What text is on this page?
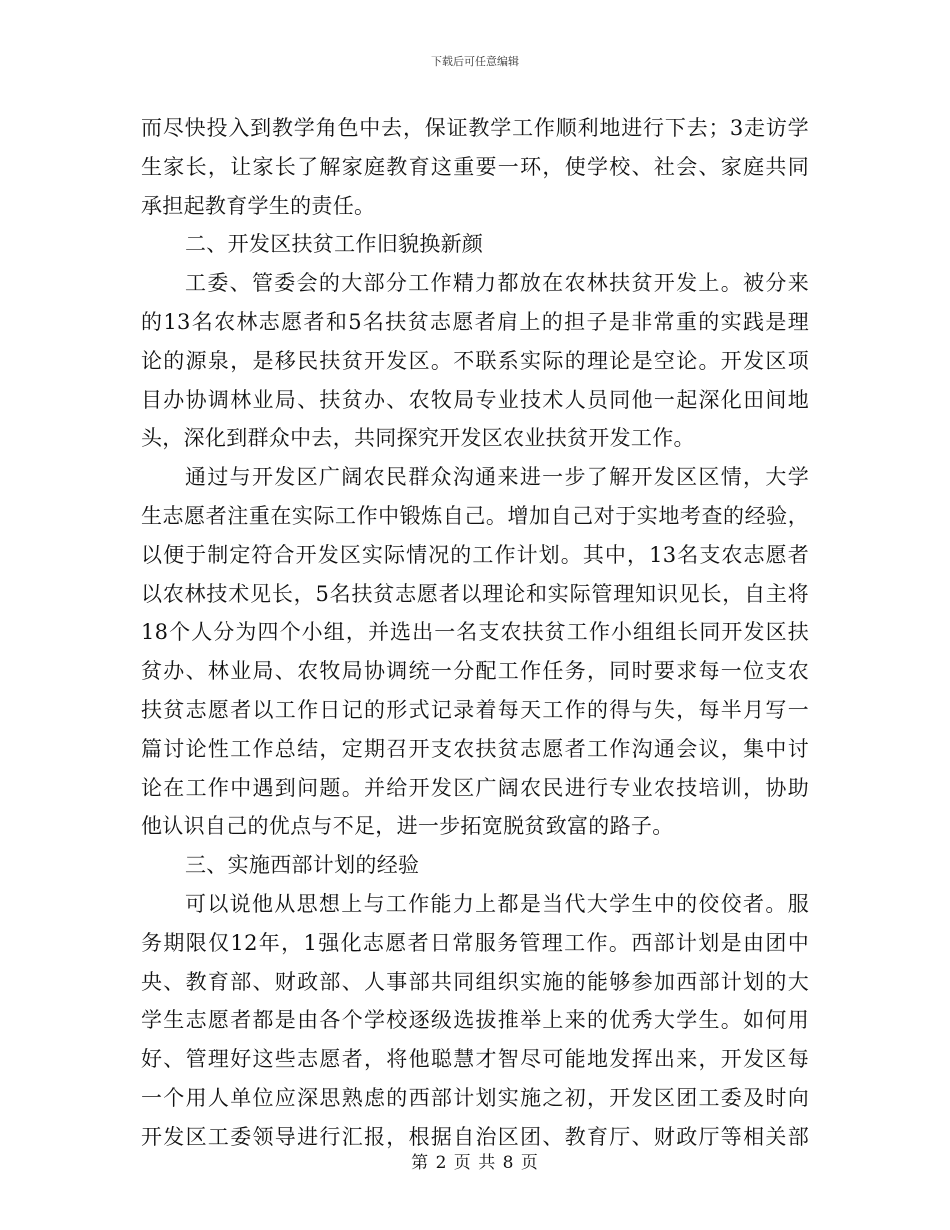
下载后可任意编辑
而尽快投入到教学角色中去，保证教学工作顺利地进行下去；3走访学
生家长，让家长了解家庭教育这重要一环，使学校、社会、家庭共同
承担起教育学生的责任。
二、开发区扶贫工作旧貌换新颜
工委、管委会的大部分工作精力都放在农林扶贫开发上。被分来
的13名农林志愿者和5名扶贫志愿者肩上的担子是非常重的实践是理
论的源泉，是移民扶贫开发区。不联系实际的理论是空论。开发区项
目办协调林业局、扶贫办、农牧局专业技术人员同他一起深化田间地
头，深化到群众中去，共同探究开发区农业扶贫开发工作。
通过与开发区广阔农民群众沟通来进一步了解开发区区情，大学
生志愿者注重在实际工作中锻炼自己。增加自己对于实地考查的经验，
以便于制定符合开发区实际情况的工作计划。其中，13名支农志愿者
以农林技术见长，5名扶贫志愿者以理论和实际管理知识见长，自主将
18个人分为四个小组，并选出一名支农扶贫工作小组组长同开发区扶
贫办、林业局、农牧局协调统一分配工作任务，同时要求每一位支农
扶贫志愿者以工作日记的形式记录着每天工作的得与失，每半月写一
篇讨论性工作总结，定期召开支农扶贫志愿者工作沟通会议，集中讨
论在工作中遇到问题。并给开发区广阔农民进行专业农技培训，协助
他认识自己的优点与不足，进一步拓宽脱贫致富的路子。
三、实施西部计划的经验
可以说他从思想上与工作能力上都是当代大学生中的佼佼者。服
务期限仅12年，1强化志愿者日常服务管理工作。西部计划是由团中
央、教育部、财政部、人事部共同组织实施的能够参加西部计划的大
学生志愿者都是由各个学校逐级选拔推举上来的优秀大学生。如何用
好、管理好这些志愿者，将他聪慧才智尽可能地发挥出来，开发区每
一个用人单位应深思熟虑的西部计划实施之初，开发区团工委及时向
开发区工委领导进行汇报，根据自治区团、教育厅、财政厅等相关部
第 2 页 共 8 页
